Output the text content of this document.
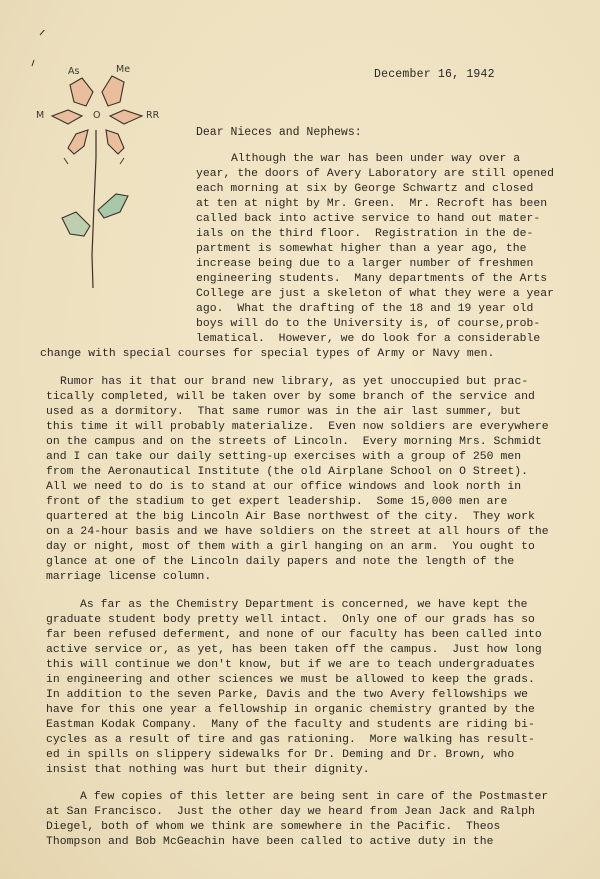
As	Me
M	O	RR
December 16, 1942
Dear Nieces and Nephews:
Although the war has been under way over a
year, the doors of Avery Laboratory are still opened
each morning at six by George Schwartz and closed
at ten at night by Mr. Green.  Mr. Recroft has been
called back into active service to hand out mater-
ials on the third floor.  Registration in the de-
partment is somewhat higher than a year ago, the
increase being due to a larger number of freshmen
engineering students.  Many departments of the Arts
College are just a skeleton of what they were a year
ago.  What the drafting of the 18 and 19 year old
boys will do to the University is, of course,prob-
lematical.  However, we do look for a considerable
change with special courses for special types of Army or Navy men.
Rumor has it that our brand new library, as yet unoccupied but prac-
tically completed, will be taken over by some branch of the service and
used as a dormitory.  That same rumor was in the air last summer, but
this time it will probably materialize.  Even now soldiers are everywhere
on the campus and on the streets of Lincoln.  Every morning Mrs. Schmidt
and I can take our daily setting-up exercises with a group of 250 men
from the Aeronautical Institute (the old Airplane School on O Street).
All we need to do is to stand at our office windows and look north in
front of the stadium to get expert leadership.  Some 15,000 men are
quartered at the big Lincoln Air Base northwest of the city.  They work
on a 24-hour basis and we have soldiers on the street at all hours of the
day or night, most of them with a girl hanging on an arm.  You ought to
glance at one of the Lincoln daily papers and note the length of the
marriage license column.
As far as the Chemistry Department is concerned, we have kept the
graduate student body pretty well intact.  Only one of our grads has so
far been refused deferment, and none of our faculty has been called into
active service or, as yet, has been taken off the campus.  Just how long
this will continue we don't know, but if we are to teach undergraduates
in engineering and other sciences we must be allowed to keep the grads.
In addition to the seven Parke, Davis and the two Avery fellowships we
have for this one year a fellowship in organic chemistry granted by the
Eastman Kodak Company.  Many of the faculty and students are riding bi-
cycles as a result of tire and gas rationing.  More walking has result-
ed in spills on slippery sidewalks for Dr. Deming and Dr. Brown, who
insist that nothing was hurt but their dignity.
A few copies of this letter are being sent in care of the Postmaster
at San Francisco.  Just the other day we heard from Jean Jack and Ralph
Diegel, both of whom we think are somewhere in the Pacific.  Theos
Thompson and Bob McGeachin have been called to active duty in the
